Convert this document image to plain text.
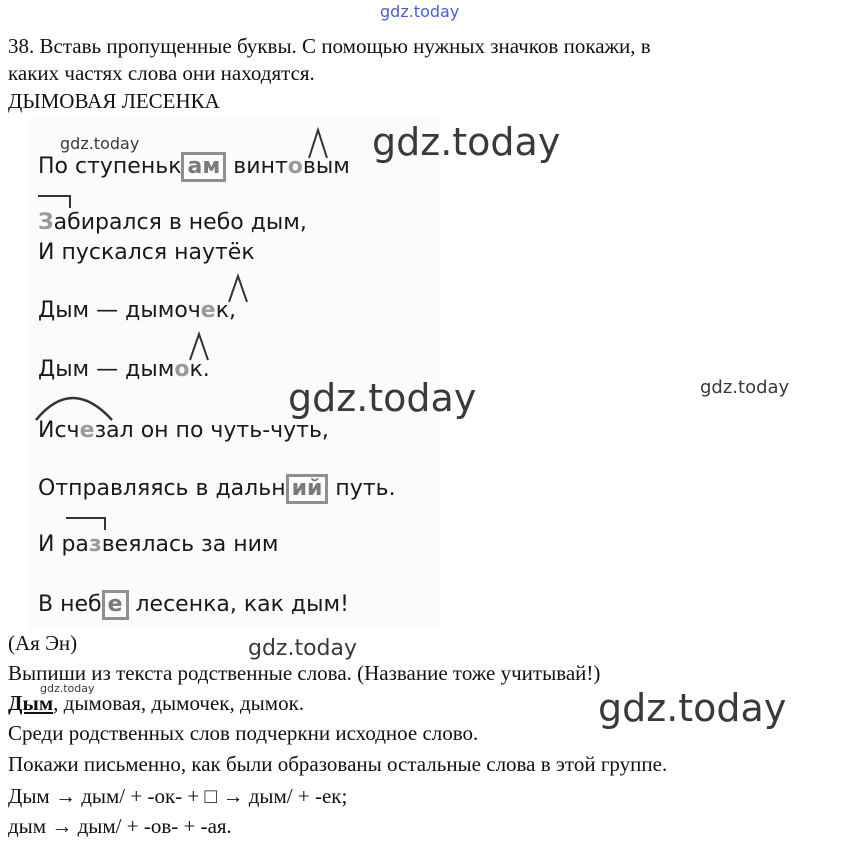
gdz.today
38. Вставь пропущенные буквы. С помощью нужных значков покажи, в
каких частях слова они находятся.
ДЫМОВАЯ ЛЕСЕНКА
По ступеньк ам винтовым
Забирался в небо дым,
И пускался наутёк
Дым — дымочек,
Дым — дымок.
Исчезал он по чуть-чуть,
Отправляясь в дальн ий путь.
И развеялась за ним
В неб е лесенка, как дым!
gdz.today	gdz.today
gdz.today	gdz.today
(Ая Эн)	gdz.today
Выпиши из текста родственные слова. (Название тоже учитывай!)
Дым, дымовая, дымочек, дымок.
gdz.today	gdz.today
Среди родственных слов подчеркни исходное слово.
Покажи письменно, как были образованы остальные слова в этой группе.
Дым → дым/ + -ок- + □ → дым/ + -ек;
дым → дым/ + -ов- + -ая.
